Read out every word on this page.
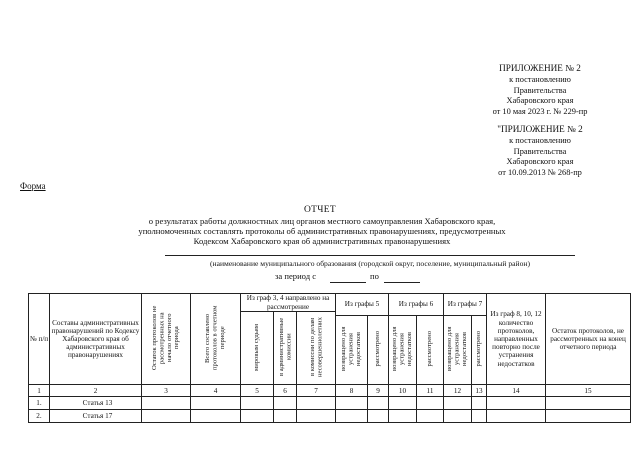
ПРИЛОЖЕНИЕ № 2
к постановлению
Правительства
Хабаровского края
от 10 мая 2023 г. № 229-пр
"ПРИЛОЖЕНИЕ № 2
к постановлению
Правительства
Хабаровского края
от 10.09.2013 № 268-пр
Форма
ОТЧЕТ
о результатах работы должностных лиц органов местного самоуправления Хабаровского края,
уполномоченных составлять протоколы об административных правонарушениях, предусмотренных
Кодексом Хабаровского края об административных правонарушениях
(наименование муниципального образования (городской округ, поселение, муниципальный район)
за период с	по
№ п/п	Составы административных правонарушений по Кодексу Хабаровского края об административных правонарушениях	Остаток протоколов не рассмотренных на начало отчетного периода	Всего составлено протоколов в отчетном периоде	Из граф 3, 4 направлено на рассмотрение			Из графы 5		Из графы 6		Из графы 7		Из граф 8, 10, 12 количество протоколов, направленных повторно после устранения недостатков	Остаток протоколов, не рассмотренных на конец отчетного периода
				мировым судьям	в административные комиссии	в комиссии по делам несовершеннолетних								
							возвращено для устранения недостатков	рассмотрено	возвращено для устранения недостатков	рассмотрено	возвращено для устранения недостатков	рассмотрено		
1	2	3	4	5	6	7	8	9	10	11	12	13	14	15
1.	Статья 13													
2.	Статья 17													
